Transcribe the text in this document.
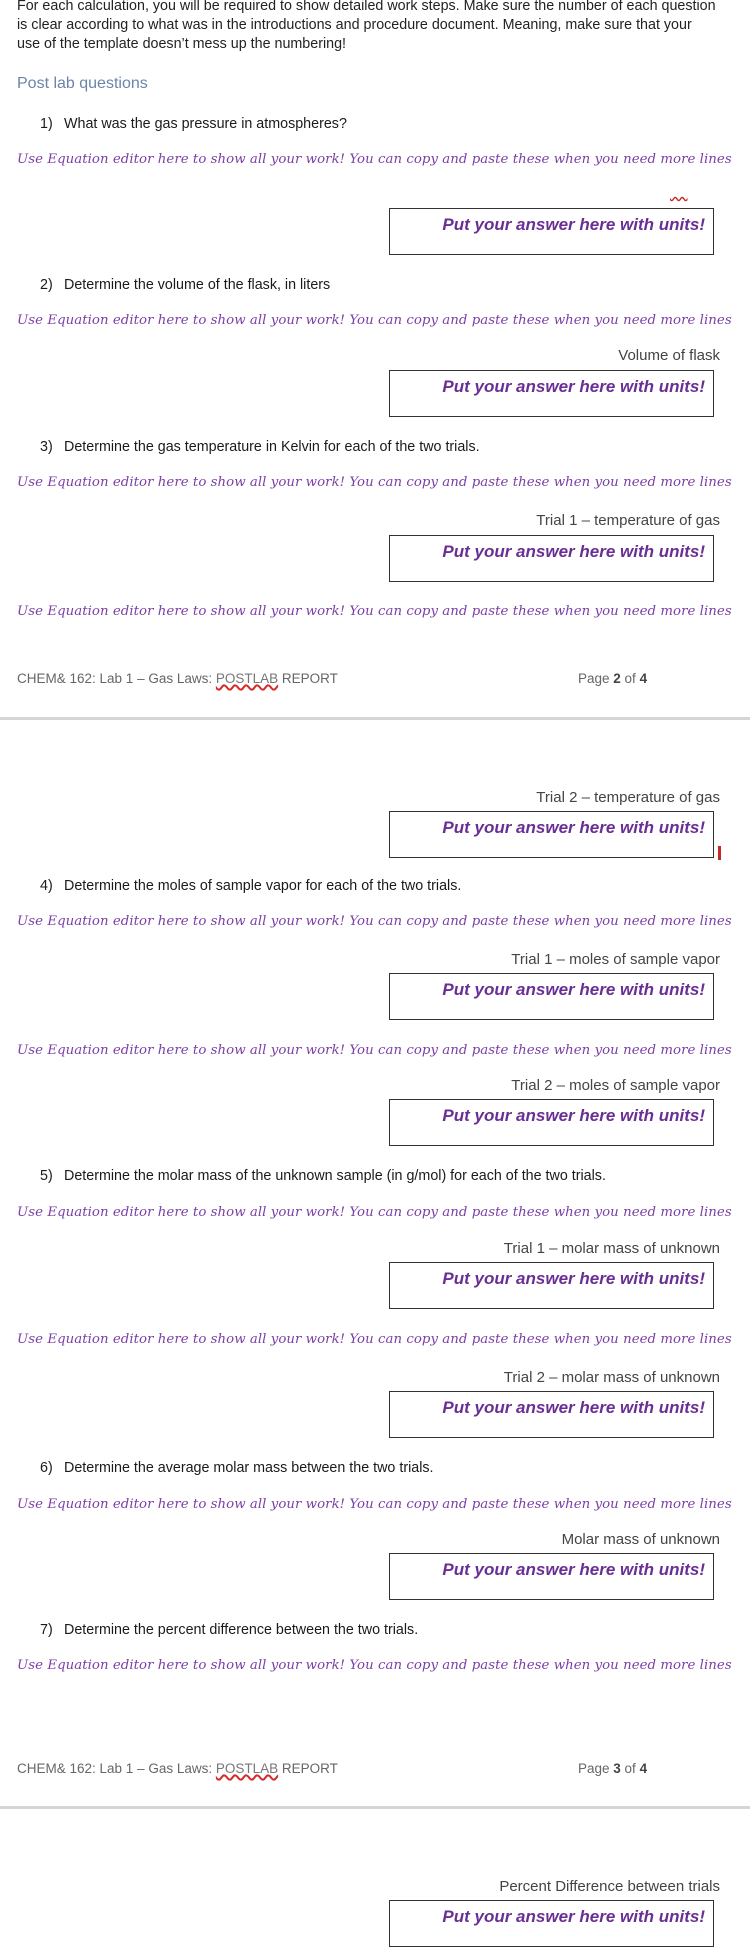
For each calculation, you will be required to show detailed work steps. Make sure the number of each question is clear according to what was in the introductions and procedure document. Meaning, make sure that your use of the template doesn’t mess up the numbering!
Post lab questions
1) What was the gas pressure in atmospheres?
Use Equation editor here to show all your work! You can copy and paste these when you need more lines

Put your answer here with units!
2) Determine the volume of the flask, in liters
Use Equation editor here to show all your work! You can copy and paste these when you need more lines
Volume of flask
Put your answer here with units!
3) Determine the gas temperature in Kelvin for each of the two trials.
Use Equation editor here to show all your work! You can copy and paste these when you need more lines
Trial 1 – temperature of gas
Put your answer here with units!
Use Equation editor here to show all your work! You can copy and paste these when you need more lines
CHEM& 162: Lab 1 – Gas Laws: POSTLAB REPORT	Page 2 of 4
Trial 2 – temperature of gas
Put your answer here with units!
4) Determine the moles of sample vapor for each of the two trials.
Use Equation editor here to show all your work! You can copy and paste these when you need more lines
Trial 1 – moles of sample vapor
Put your answer here with units!
Use Equation editor here to show all your work! You can copy and paste these when you need more lines
Trial 2 – moles of sample vapor
Put your answer here with units!
5) Determine the molar mass of the unknown sample (in g/mol) for each of the two trials.
Use Equation editor here to show all your work! You can copy and paste these when you need more lines
Trial 1 – molar mass of unknown
Put your answer here with units!
Use Equation editor here to show all your work! You can copy and paste these when you need more lines
Trial 2 – molar mass of unknown
Put your answer here with units!
6) Determine the average molar mass between the two trials.
Use Equation editor here to show all your work! You can copy and paste these when you need more lines
Molar mass of unknown
Put your answer here with units!
7) Determine the percent difference between the two trials.
Use Equation editor here to show all your work! You can copy and paste these when you need more lines
CHEM& 162: Lab 1 – Gas Laws: POSTLAB REPORT	Page 3 of 4
Percent Difference between trials
Put your answer here with units!
